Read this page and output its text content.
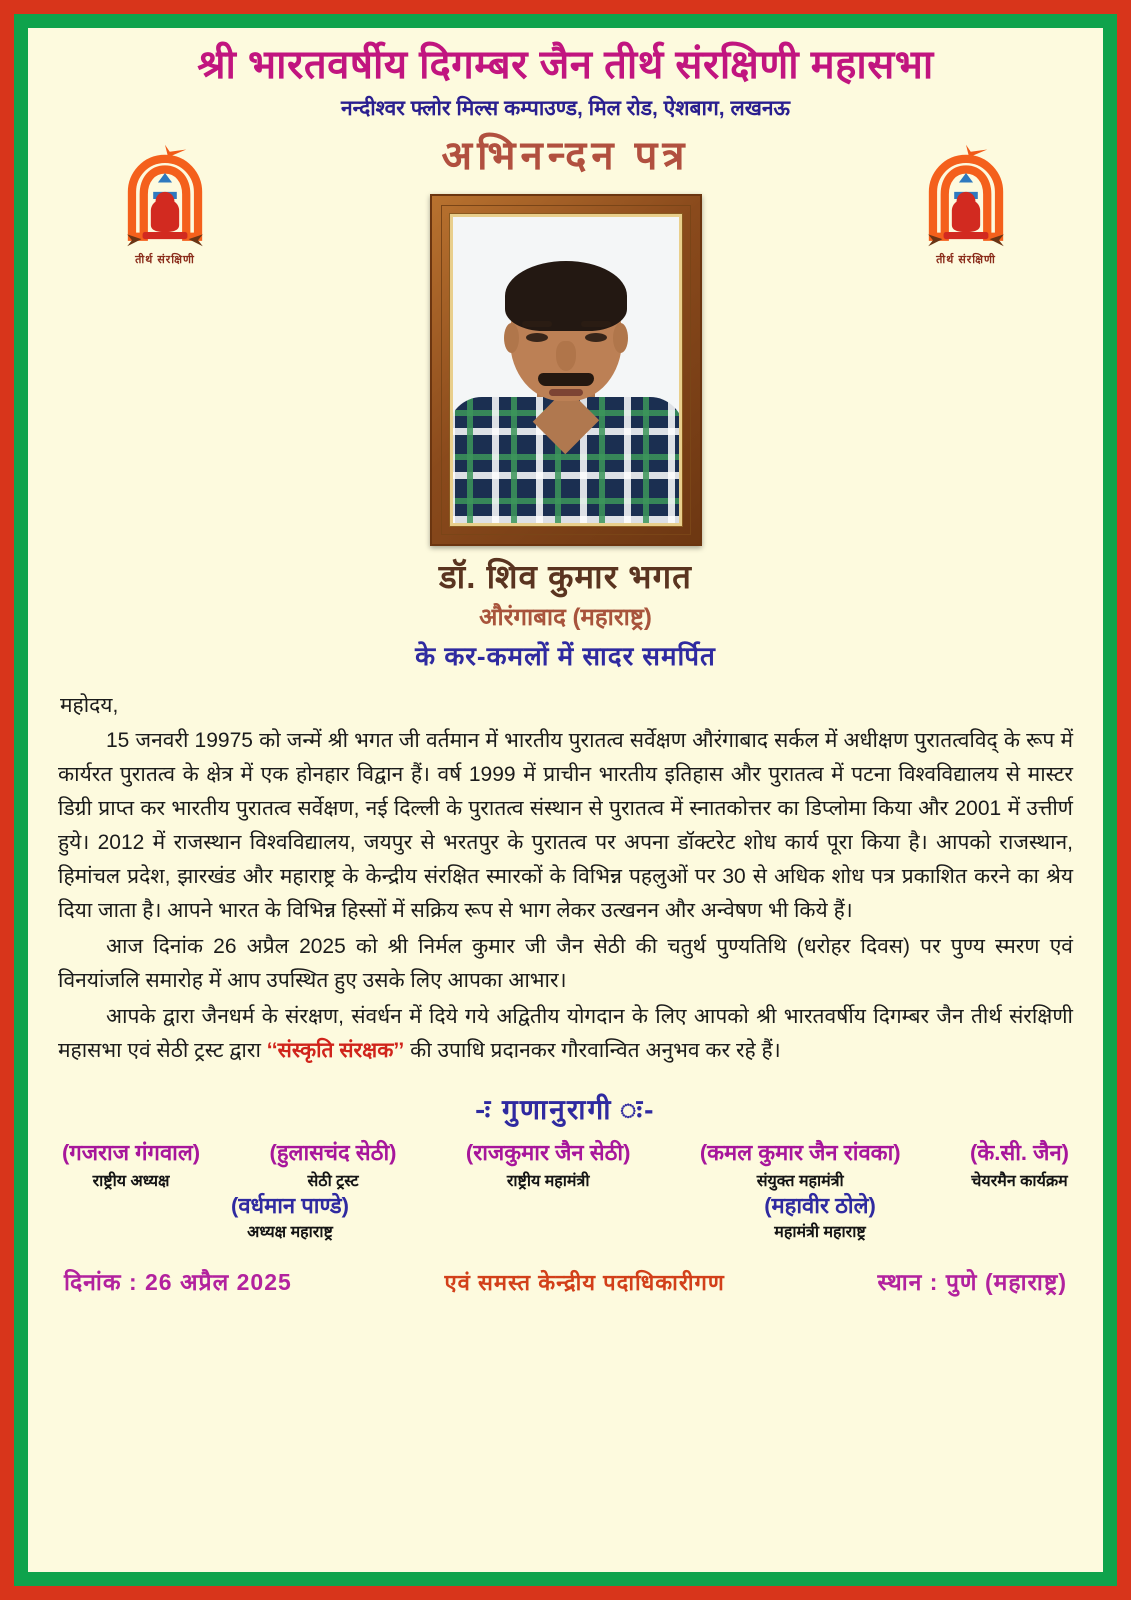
श्री भारतवर्षीय दिगम्बर जैन तीर्थ संरक्षिणी महासभा
नन्दीश्वर फ्लोर मिल्स कम्पाउण्ड, मिल रोड, ऐशबाग, लखनऊ
अभिनन्दन पत्र
तीर्थ संरक्षिणी	तीर्थ संरक्षिणी
डॉ. शिव कुमार भगत
औरंगाबाद (महाराष्ट्र)
के कर-कमलों में सादर समर्पित
महोदय,

15 जनवरी 19975 को जन्में श्री भगत जी वर्तमान में भारतीय पुरातत्व सर्वेक्षण औरंगाबाद सर्कल में अधीक्षण पुरातत्वविद् के रूप में कार्यरत पुरातत्व के क्षेत्र में एक होनहार विद्वान हैं। वर्ष 1999 में प्राचीन भारतीय इतिहास और पुरातत्व में पटना विश्वविद्यालय से मास्टर डिग्री प्राप्त कर भारतीय पुरातत्व सर्वेक्षण, नई दिल्ली के पुरातत्व संस्थान से पुरातत्व में स्नातकोत्तर का डिप्लोमा किया और 2001 में उत्तीर्ण हुये। 2012 में राजस्थान विश्वविद्यालय, जयपुर से भरतपुर के पुरातत्व पर अपना डॉक्टरेट शोध कार्य पूरा किया है। आपको राजस्थान, हिमांचल प्रदेश, झारखंड और महाराष्ट्र के केन्द्रीय संरक्षित स्मारकों के विभिन्न पहलुओं पर 30 से अधिक शोध पत्र प्रकाशित करने का श्रेय दिया जाता है। आपने भारत के विभिन्न हिस्सों में सक्रिय रूप से भाग लेकर उत्खनन और अन्वेषण भी किये हैं।

आज दिनांक 26 अप्रैल 2025 को श्री निर्मल कुमार जी जैन सेठी की चतुर्थ पुण्यतिथि (धरोहर दिवस) पर पुण्य स्मरण एवं विनयांजलि समारोह में आप उपस्थित हुए उसके लिए आपका आभार।

आपके द्वारा जैनधर्म के संरक्षण, संवर्धन में दिये गये अद्वितीय योगदान के लिए आपको श्री भारतवर्षीय दिगम्बर जैन तीर्थ संरक्षिणी महासभा एवं सेठी ट्रस्ट द्वारा ‘‘संस्कृति संरक्षक’’ की उपाधि प्रदानकर गौरवान्वित अनुभव कर रहे हैं।

-ः गुणानुरागी ः-
(गजराज गंगवाल)
राष्ट्रीय अध्यक्ष
(हुलासचंद सेठी)
सेठी ट्रस्ट
(राजकुमार जैन सेठी)
राष्ट्रीय महामंत्री
(कमल कुमार जैन रांवका)
संयुक्त महामंत्री
(के.सी. जैन)
चेयरमैन कार्यक्रम
(वर्धमान पाण्डे)
अध्यक्ष महाराष्ट्र
(महावीर ठोले)
महामंत्री महाराष्ट्र
दिनांक : 26 अप्रैल 2025	एवं समस्त केन्द्रीय पदाधिकारीगण	स्थान : पुणे (महाराष्ट्र)
